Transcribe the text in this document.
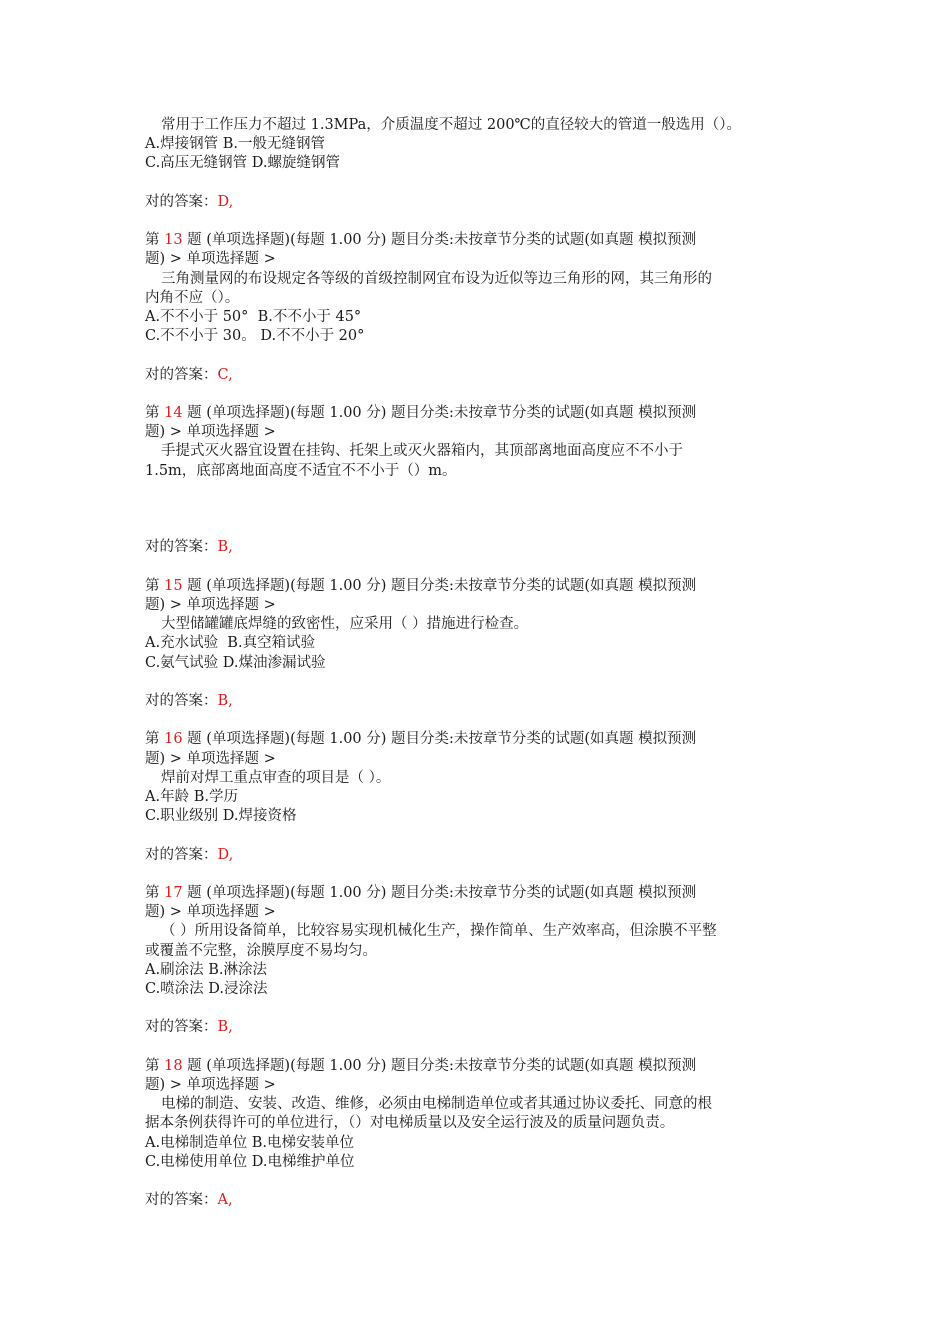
常用于工作压力不超过 1.3MPa，介质温度不超过 200℃的直径较大的管道一般选用（）。
A.焊接钢管 B.一般无缝钢管
C.高压无缝钢管 D.螺旋缝钢管
对的答案：D,
第 13 题 (单项选择题)(每题 1.00 分) 题目分类:未按章节分类的试题(如真题 模拟预测
题) > 单项选择题 >
三角测量网的布设规定各等级的首级控制网宜布设为近似等边三角形的网，其三角形的
内角不应（）。
A.不不小于 50°  B.不不小于 45°
C.不不小于 30。 D.不不小于 20°
对的答案：C,
第 14 题 (单项选择题)(每题 1.00 分) 题目分类:未按章节分类的试题(如真题 模拟预测
题) > 单项选择题 >
手提式灭火器宜设置在挂钩、托架上或灭火器箱内，其顶部离地面高度应不不小于
1.5m，底部离地面高度不适宜不不小于（）m。
对的答案：B,
第 15 题 (单项选择题)(每题 1.00 分) 题目分类:未按章节分类的试题(如真题 模拟预测
题) > 单项选择题 >
大型储罐罐底焊缝的致密性，应采用（ ）措施进行检查。
A.充水试验  B.真空箱试验
C.氨气试验 D.煤油渗漏试验
对的答案：B,
第 16 题 (单项选择题)(每题 1.00 分) 题目分类:未按章节分类的试题(如真题 模拟预测
题) > 单项选择题 >
焊前对焊工重点审查的项目是（ ）。
A.年龄 B.学历
C.职业级别 D.焊接资格
对的答案：D,
第 17 题 (单项选择题)(每题 1.00 分) 题目分类:未按章节分类的试题(如真题 模拟预测
题) > 单项选择题 >
（ ）所用设备简单，比较容易实现机械化生产，操作简单、生产效率高，但涂膜不平整
或覆盖不完整，涂膜厚度不易均匀。
A.刷涂法 B.淋涂法
C.喷涂法 D.浸涂法
对的答案：B,
第 18 题 (单项选择题)(每题 1.00 分) 题目分类:未按章节分类的试题(如真题 模拟预测
题) > 单项选择题 >
电梯的制造、安装、改造、维修，必须由电梯制造单位或者其通过协议委托、同意的根
据本条例获得许可的单位进行，（）对电梯质量以及安全运行波及的质量问题负责。
A.电梯制造单位 B.电梯安装单位
C.电梯使用单位 D.电梯维护单位
对的答案：A,
